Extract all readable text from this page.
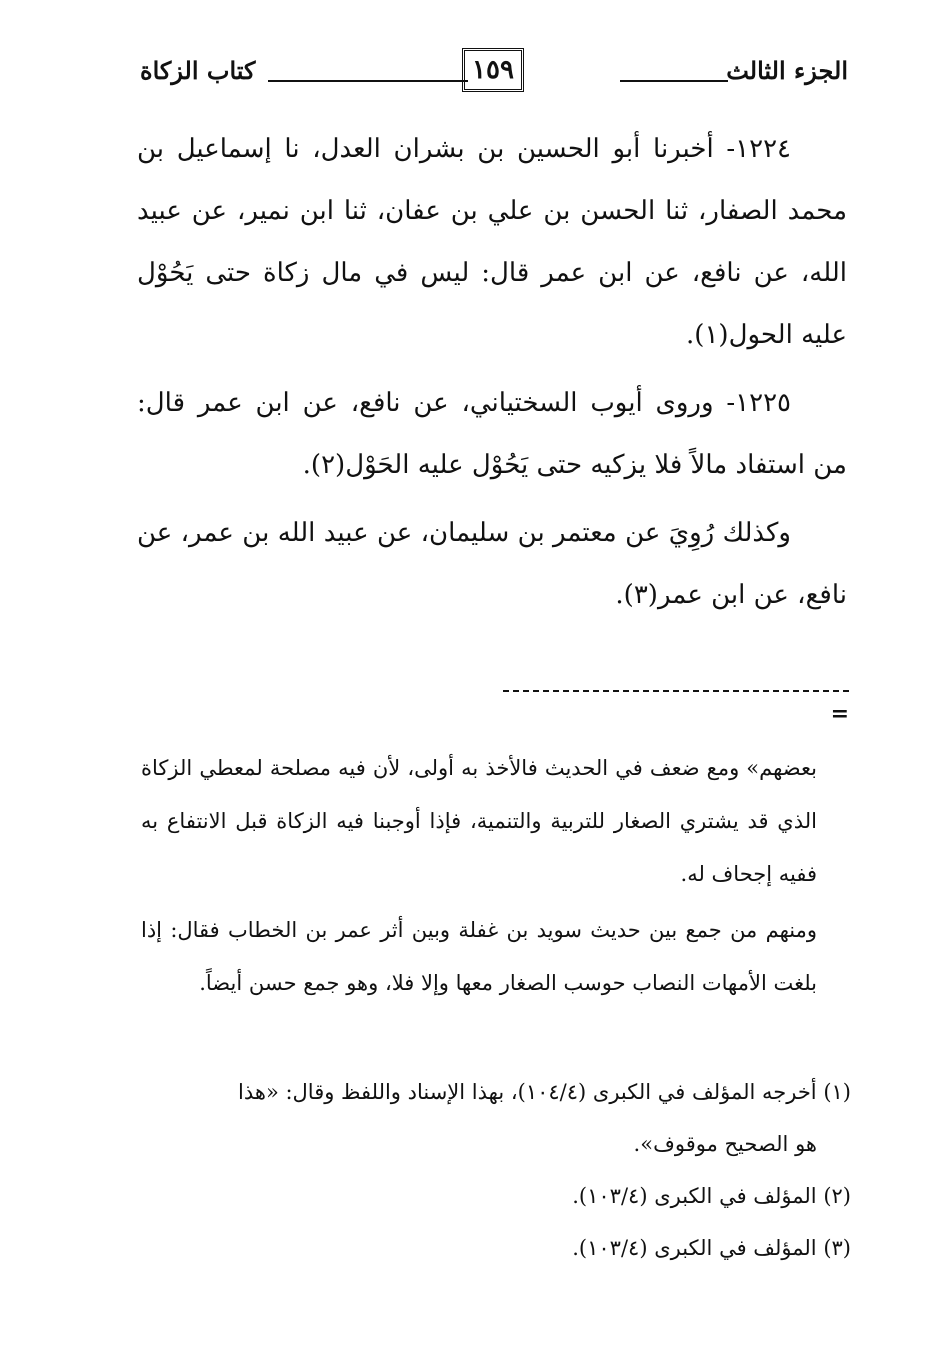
الجزء الثالث
١٥٩
كتاب الزكاة

١٢٢٤- أخبرنا أبو الحسين بن بشران العدل، نا إسماعيل بن محمد الصفار، ثنا الحسن بن علي بن عفان، ثنا ابن نمير، عن عبيد الله، عن نافع، عن ابن عمر قال: ليس في مال زكاة حتى يَحُوْل عليه الحول(١).

١٢٢٥- وروى أيوب السختياني، عن نافع، عن ابن عمر قال: من استفاد مالاً فلا يزكيه حتى يَحُوْل عليه الحَوْل(٢).

وكذلك رُوِيَ عن معتمر بن سليمان، عن عبيد الله بن عمر، عن نافع، عن ابن عمر(٣).

=

بعضهم» ومع ضعف في الحديث فالأخذ به أولى، لأن فيه مصلحة لمعطي الزكاة الذي قد يشتري الصغار للتربية والتنمية، فإذا أوجبنا فيه الزكاة قبل الانتفاع به ففيه إجحاف له.

ومنهم من جمع بين حديث سويد بن غفلة وبين أثر عمر بن الخطاب فقال: إذا بلغت الأمهات النصاب حوسب الصغار معها وإلا فلا، وهو جمع حسن أيضاً.

(١) أخرجه المؤلف في الكبرى (١٠٤/٤)، بهذا الإسناد واللفظ وقال: «هذا

هو الصحيح موقوف».

(٢) المؤلف في الكبرى (١٠٣/٤).

(٣) المؤلف في الكبرى (١٠٣/٤).
